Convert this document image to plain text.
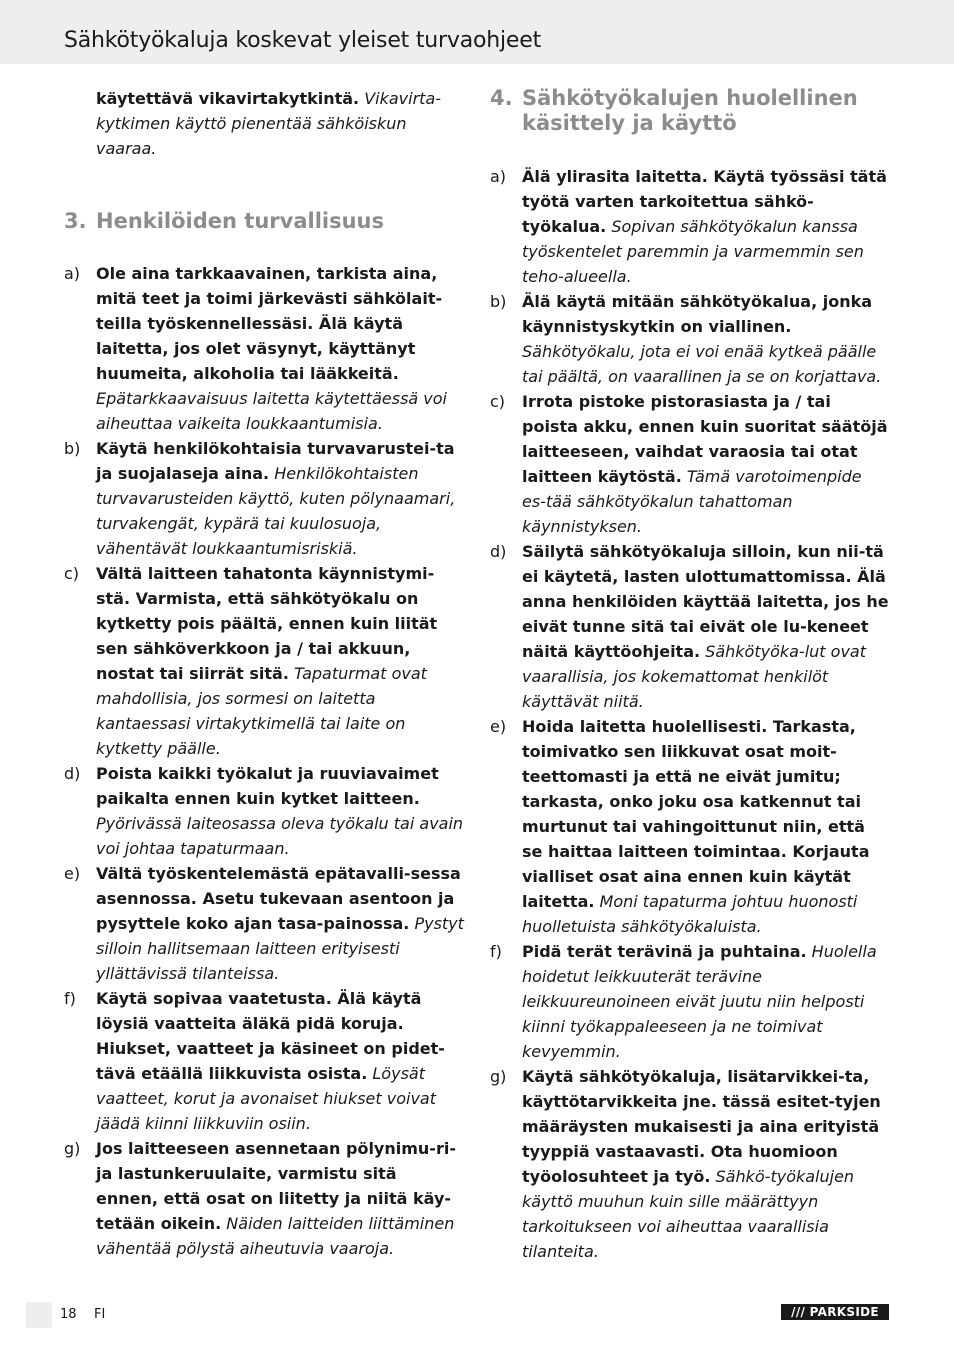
Sähkötyökaluja koskevat yleiset turvaohjeet
käytettävä vikavirtakytkintä. Vikavirta-kytkimen käyttö pienentää sähköiskun vaaraa.
3. Henkilöiden turvallisuus
a) Ole aina tarkkaavainen, tarkista aina, mitä teet ja toimi järkevästi sähkölait-teilla työskennellessäsi. Älä käytä laitetta, jos olet väsynyt, käyttänyt huumeita, alkoholia tai lääkkeitä. Epätarkkaavaisuus laitetta käytettäessä voi aiheuttaa vaikeita loukkaantumisia.
b) Käytä henkilökohtaisia turvavarustei-ta ja suojalaseja aina. Henkilökohtaisten turvavarusteiden käyttö, kuten pölynaamari, turvakengät, kypärä tai kuulosuoja, vähentävät loukkaantumisriskiä.
c) Vältä laitteen tahatonta käynnistymi-stä. Varmista, että sähkötyökalu on kytketty pois päältä, ennen kuin liität sen sähköverkkoon ja / tai akkuun, nostat tai siirrät sitä. Tapaturmat ovat mahdollisia, jos sormesi on laitetta kantaessasi virtakytkimellä tai laite on kytketty päälle.
d) Poista kaikki työkalut ja ruuviavaimet paikalta ennen kuin kytket laitteen. Pyörivässä laiteosassa oleva työkalu tai avain voi johtaa tapaturmaan.
e) Vältä työskentelemästä epätavalli-sessa asennossa. Asetu tukevaan asentoon ja pysyttele koko ajan tasa-painossa. Pystyt silloin hallitsemaan laitteen erityisesti yllättävissä tilanteissa.
f) Käytä sopivaa vaatetusta. Älä käytä löysiä vaatteita äläkä pidä koruja. Hiukset, vaatteet ja käsineet on pidet-tävä etäällä liikkuvista osista. Löysät vaatteet, korut ja avonaiset hiukset voivat jäädä kiinni liikkuviin osiin.
g) Jos laitteeseen asennetaan pölynimu-ri- ja lastunkeruulaite, varmistu sitä ennen, että osat on liitetty ja niitä käy-tetään oikein. Näiden laitteiden liittäminen vähentää pölystä aiheutuvia vaaroja.
4. Sähkötyökalujen huolellinen käsittely ja käyttö
a) Älä ylirasita laitetta. Käytä työssäsi tätä työtä varten tarkoitettua sähkö-työkalua. Sopivan sähkötyökalun kanssa työskentelet paremmin ja varmemmin sen teho-alueella.
b) Älä käytä mitään sähkötyökalua, jonka käynnistyskytkin on viallinen. Sähkötyökalu, jota ei voi enää kytkeä päälle tai päältä, on vaarallinen ja se on korjattava.
c) Irrota pistoke pistorasiasta ja / tai poista akku, ennen kuin suoritat säätöjä laitteeseen, vaihdat varaosia tai otat laitteen käytöstä. Tämä varotoimenpide es-tää sähkötyökalun tahattoman käynnistyksen.
d) Säilytä sähkötyökaluja silloin, kun nii-tä ei käytetä, lasten ulottumattomissa. Älä anna henkilöiden käyttää laitetta, jos he eivät tunne sitä tai eivät ole lu-keneet näitä käyttöohjeita. Sähkötyöka-lut ovat vaarallisia, jos kokemattomat henkilöt käyttävät niitä.
e) Hoida laitetta huolellisesti. Tarkasta, toimivatko sen liikkuvat osat moit-teettomasti ja että ne eivät jumitu; tarkasta, onko joku osa katkennut tai murtunut tai vahingoittunut niin, että se haittaa laitteen toimintaa. Korjauta vialliset osat aina ennen kuin käytät laitetta. Moni tapaturma johtuu huonosti huolletuista sähkötyökaluista.
f) Pidä terät terävinä ja puhtaina. Huolella hoidetut leikkuuterät terävine leikkuureunoineen eivät juutu niin helposti kiinni työkappaleeseen ja ne toimivat kevyemmin.
g) Käytä sähkötyökaluja, lisätarvikkei-ta, käyttötarvikkeita jne. tässä esitet-tyjen määräysten mukaisesti ja aina erityistä tyyppiä vastaavasti. Ota huomioon työolosuhteet ja työ. Sähkö-työkalujen käyttö muuhun kuin sille määrättyyn tarkoitukseen voi aiheuttaa vaarallisia tilanteita.
18 FI	/// PARKSIDE
